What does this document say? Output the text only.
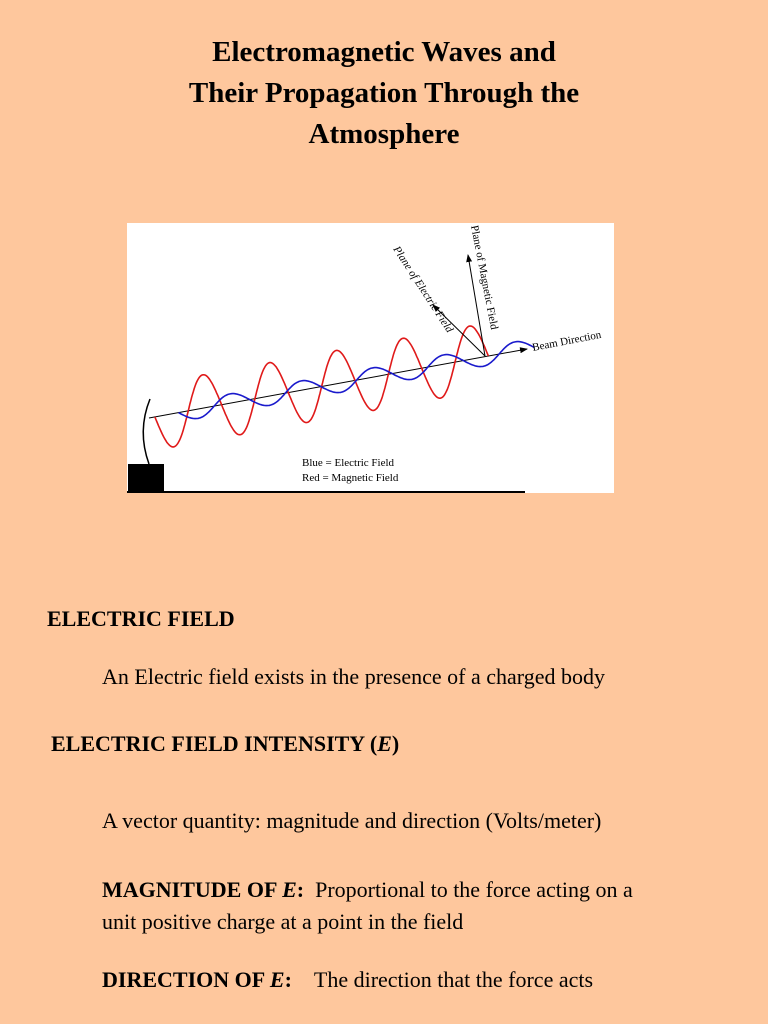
Electromagnetic Waves and
Their Propagation Through the
Atmosphere
Plane of Magnetic Field
Plane of Electric Field
Beam Direction
Blue = Electric Field
Red = Magnetic Field
ELECTRIC FIELD
An Electric field exists in the presence of a charged body
ELECTRIC FIELD INTENSITY (E)
A vector quantity: magnitude and direction (Volts/meter)
MAGNITUDE OF E: Proportional to the force acting on a
unit positive charge at a point in the field
DIRECTION OF E: The direction that the force acts
